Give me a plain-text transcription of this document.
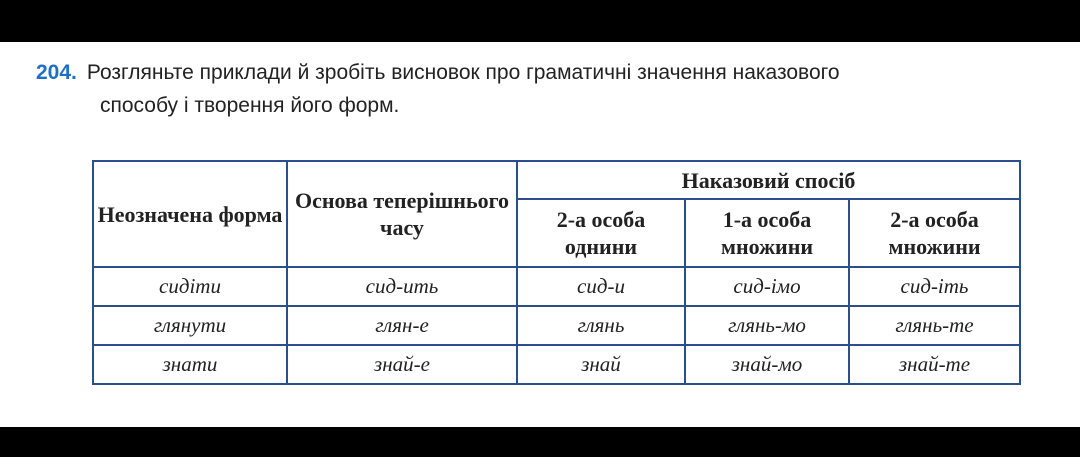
204. Розгляньте приклади й зробіть висновок про граматичні значення наказового
способу і творення його форм.
Неозначена форма	Основа теперішнього часу	Наказовий спосіб		
		2-а особа однини	1-а особа множини	2-а особа множини
сидіти	сид-ить	сид-и	сид-імо	сид-іть
глянути	глян-е	глянь	глянь-мо	глянь-те
знати	знай-е	знай	знай-мо	знай-те
